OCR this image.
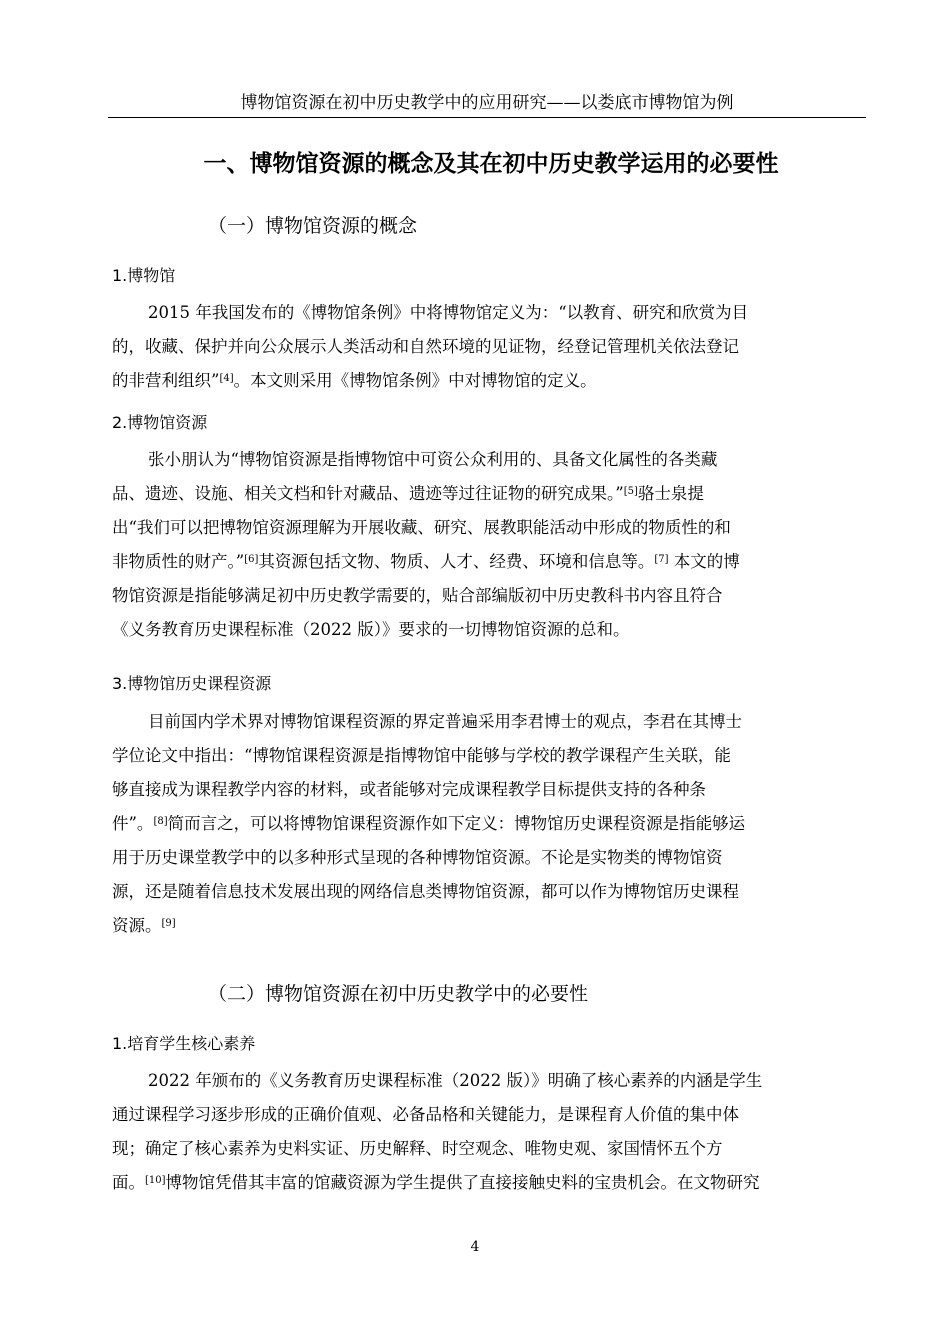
博物馆资源在初中历史教学中的应用研究——以娄底市博物馆为例
一、博物馆资源的概念及其在初中历史教学运用的必要性
（一）博物馆资源的概念
1.博物馆
2015 年我国发布的《博物馆条例》中将博物馆定义为：“以教育、研究和欣赏为目
的，收藏、保护并向公众展示人类活动和自然环境的见证物，经登记管理机关依法登记
的非营利组织”[4]。本文则采用《博物馆条例》中对博物馆的定义。
2.博物馆资源
张小朋认为“博物馆资源是指博物馆中可资公众利用的、具备文化属性的各类藏
品、遗迹、设施、相关文档和针对藏品、遗迹等过往证物的研究成果。”[5]骆士泉提
出“我们可以把博物馆资源理解为开展收藏、研究、展教职能活动中形成的物质性的和
非物质性的财产。”[6]其资源包括文物、物质、人才、经费、环境和信息等。[7] 本文的博
物馆资源是指能够满足初中历史教学需要的，贴合部编版初中历史教科书内容且符合
《义务教育历史课程标准（2022 版）》要求的一切博物馆资源的总和。
3.博物馆历史课程资源
目前国内学术界对博物馆课程资源的界定普遍采用李君博士的观点，李君在其博士
学位论文中指出：“博物馆课程资源是指博物馆中能够与学校的教学课程产生关联，能
够直接成为课程教学内容的材料，或者能够对完成课程教学目标提供支持的各种条
件”。[8]简而言之，可以将博物馆课程资源作如下定义：博物馆历史课程资源是指能够运
用于历史课堂教学中的以多种形式呈现的各种博物馆资源。不论是实物类的博物馆资
源，还是随着信息技术发展出现的网络信息类博物馆资源，都可以作为博物馆历史课程
资源。[9]
（二）博物馆资源在初中历史教学中的必要性
1.培育学生核心素养
2022 年颁布的《义务教育历史课程标准（2022 版）》明确了核心素养的内涵是学生
通过课程学习逐步形成的正确价值观、必备品格和关键能力，是课程育人价值的集中体
现；确定了核心素养为史料实证、历史解释、时空观念、唯物史观、家国情怀五个方
面。[10]博物馆凭借其丰富的馆藏资源为学生提供了直接接触史料的宝贵机会。在文物研究
4
